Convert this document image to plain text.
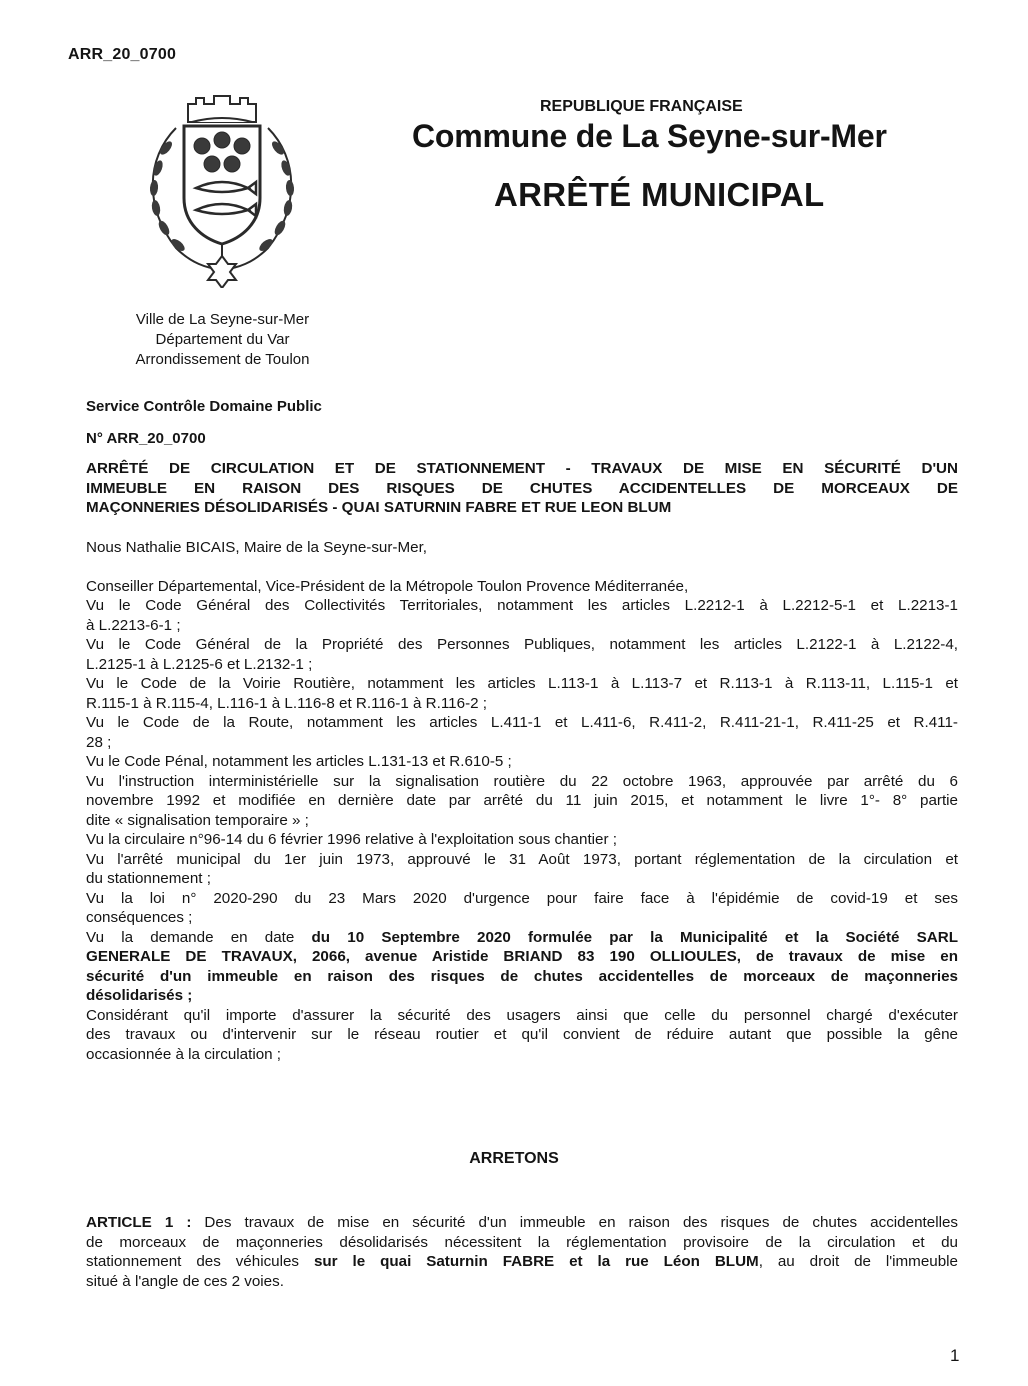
ARR_20_0700
REPUBLIQUE FRANÇAISE
Commune de La Seyne-sur-Mer
ARRÊTÉ MUNICIPAL
Ville de La Seyne-sur-Mer
Département du Var
Arrondissement de Toulon
Service Contrôle Domaine Public
N° ARR_20_0700
ARRÊTÉ DE CIRCULATION ET DE STATIONNEMENT - TRAVAUX DE MISE EN SÉCURITÉ D'UN
IMMEUBLE EN RAISON DES RISQUES DE CHUTES ACCIDENTELLES DE MORCEAUX DE
MAÇONNERIES DÉSOLIDARISÉS - QUAI SATURNIN FABRE ET RUE LEON BLUM

Nous Nathalie BICAIS, Maire de la Seyne-sur-Mer,

Conseiller Départemental, Vice-Président de la Métropole Toulon Provence Méditerranée,

Vu le Code Général des Collectivités Territoriales, notamment les articles L.2212-1 à L.2212-5-1 et L.2213-1
à L.2213-6-1 ;

Vu le Code Général de la Propriété des Personnes Publiques, notamment les articles L.2122-1 à L.2122-4,
L.2125-1 à L.2125-6 et L.2132-1 ;

Vu le Code de la Voirie Routière, notamment les articles L.113-1 à L.113-7 et R.113-1 à R.113-11, L.115-1 et
R.115-1 à R.115-4, L.116-1 à L.116-8 et R.116-1 à R.116-2 ;

Vu le Code de la Route, notamment les articles L.411-1 et L.411-6, R.411-2, R.411-21-1, R.411-25 et R.411-
28 ;

Vu le Code Pénal, notamment les articles L.131-13 et R.610-5 ;

Vu l'instruction interministérielle sur la signalisation routière du 22 octobre 1963, approuvée par arrêté du 6
novembre 1992 et modifiée en dernière date par arrêté du 11 juin 2015, et notamment le livre 1°- 8° partie
dite « signalisation temporaire » ;

Vu la circulaire n°96-14 du 6 février 1996 relative à l'exploitation sous chantier ;

Vu l'arrêté municipal du 1er juin 1973, approuvé le 31 Août 1973, portant réglementation de la circulation et
du stationnement ;

Vu la loi n° 2020-290 du 23 Mars 2020 d'urgence pour faire face à l'épidémie de covid-19 et ses
conséquences ;

Vu la demande en date du 10 Septembre 2020 formulée par la Municipalité et la Société SARL
GENERALE DE TRAVAUX, 2066, avenue Aristide BRIAND 83 190 OLLIOULES, de travaux de mise en
sécurité d'un immeuble en raison des risques de chutes accidentelles de morceaux de maçonneries
désolidarisés ;

Considérant qu'il importe d'assurer la sécurité des usagers ainsi que celle du personnel chargé d'exécuter
des travaux ou d'intervenir sur le réseau routier et qu'il convient de réduire autant que possible la gêne
occasionnée à la circulation ;

ARRETONS
ARTICLE 1 : Des travaux de mise en sécurité d'un immeuble en raison des risques de chutes accidentelles
de morceaux de maçonneries désolidarisés nécessitent la réglementation provisoire de la circulation et du
stationnement des véhicules sur le quai Saturnin FABRE et la rue Léon BLUM, au droit de l'immeuble
situé à l'angle de ces 2 voies.
1
